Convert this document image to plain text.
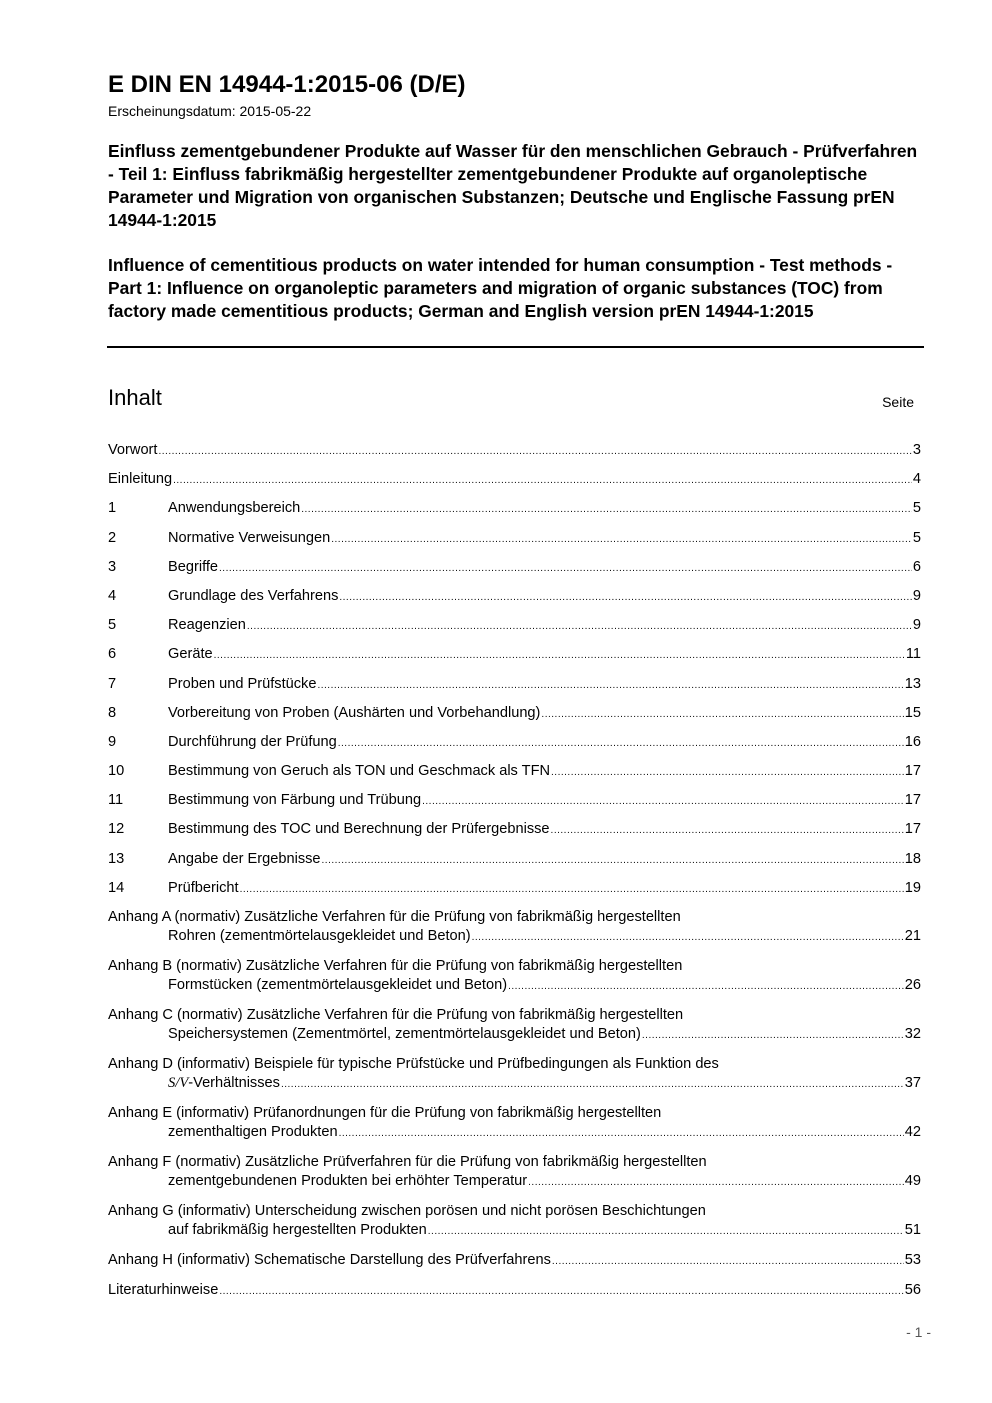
E DIN EN 14944-1:2015-06 (D/E)
Erscheinungsdatum: 2015-05-22
Einfluss zementgebundener Produkte auf Wasser für den menschlichen Gebrauch - Prüfverfahren - Teil 1: Einfluss fabrikmäßig hergestellter zementgebundener Produkte auf organoleptische Parameter und Migration von organischen Substanzen; Deutsche und Englische Fassung prEN 14944-1:2015
Influence of cementitious products on water intended for human consumption - Test methods - Part 1: Influence on organoleptic parameters and migration of organic substances (TOC) from factory made cementitious products; German and English version prEN 14944-1:2015
Inhalt	Seite
Vorwort .....	3
Einleitung .....	4
1	Anwendungsbereich .....	5
2	Normative Verweisungen .....	5
3	Begriffe .....	6
4	Grundlage des Verfahrens .....	9
5	Reagenzien .....	9
6	Geräte .....	11
7	Proben und Prüfstücke .....	13
8	Vorbereitung von Proben (Aushärten und Vorbehandlung) .....	15
9	Durchführung der Prüfung .....	16
10	Bestimmung von Geruch als TON und Geschmack als TFN .....	17
11	Bestimmung von Färbung und Trübung .....	17
12	Bestimmung des TOC und Berechnung der Prüfergebnisse .....	17
13	Angabe der Ergebnisse .....	18
14	Prüfbericht .....	19
Anhang A (normativ) Zusätzliche Verfahren für die Prüfung von fabrikmäßig hergestellten
Rohren (zementmörtelausgekleidet und Beton) .....	21
Anhang B (normativ) Zusätzliche Verfahren für die Prüfung von fabrikmäßig hergestellten
Formstücken (zementmörtelausgekleidet und Beton) .....	26
Anhang C (normativ) Zusätzliche Verfahren für die Prüfung von fabrikmäßig hergestellten
Speichersystemen (Zementmörtel, zementmörtelausgekleidet und Beton) .....	32
Anhang D (informativ) Beispiele für typische Prüfstücke und Prüfbedingungen als Funktion des
S/V-Verhältnisses .....	37
Anhang E (informativ) Prüfanordnungen für die Prüfung von fabrikmäßig hergestellten
zementhaltigen Produkten .....	42
Anhang F (normativ) Zusätzliche Prüfverfahren für die Prüfung von fabrikmäßig hergestellten
zementgebundenen Produkten bei erhöhter Temperatur .....	49
Anhang G (informativ) Unterscheidung zwischen porösen und nicht porösen Beschichtungen
auf fabrikmäßig hergestellten Produkten .....	51
Anhang H (informativ) Schematische Darstellung des Prüfverfahrens .....	53
Literaturhinweise .....	56
- 1 -
